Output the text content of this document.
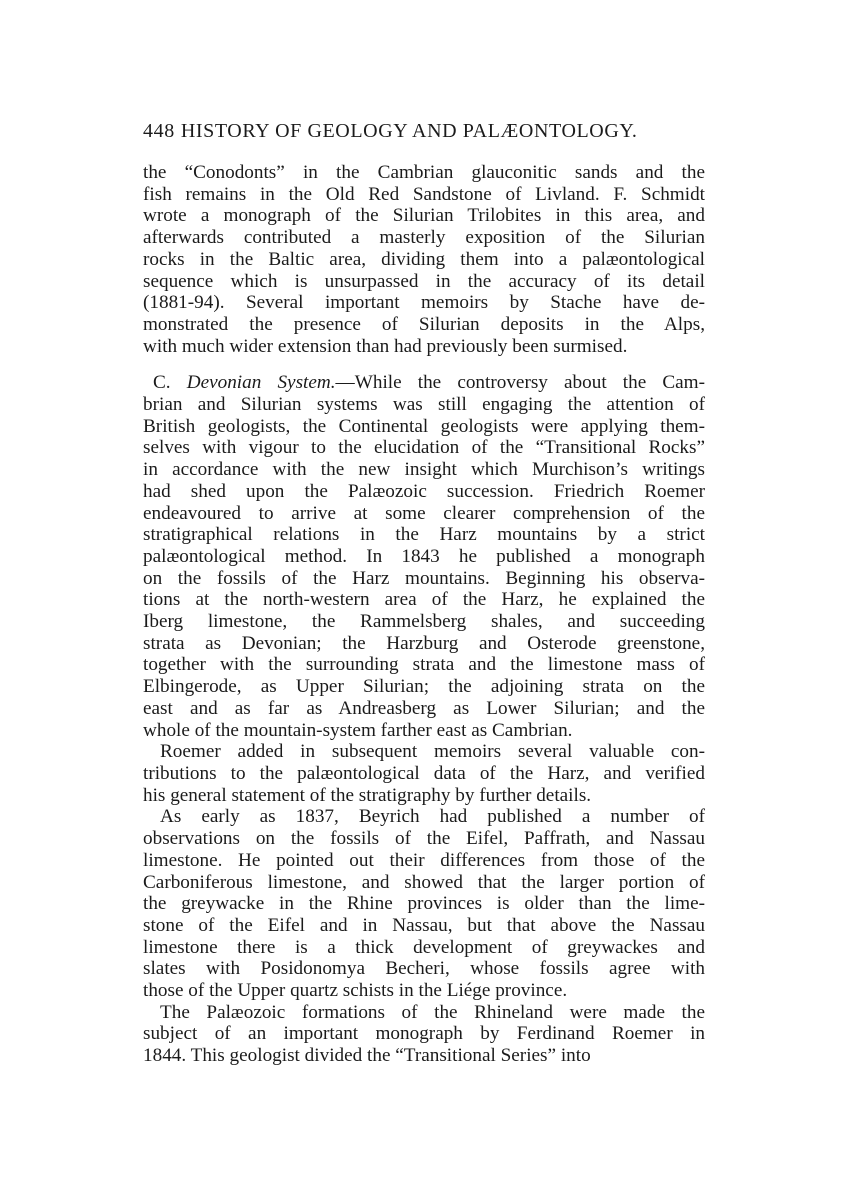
448 HISTORY OF GEOLOGY AND PALÆONTOLOGY.
the “Conodonts” in the Cambrian glauconitic sands and the
fish remains in the Old Red Sandstone of Livland. F. Schmidt
wrote a monograph of the Silurian Trilobites in this area, and
afterwards contributed a masterly exposition of the Silurian
rocks in the Baltic area, dividing them into a palæontological
sequence which is unsurpassed in the accuracy of its detail
(1881-94). Several important memoirs by Stache have de-
monstrated the presence of Silurian deposits in the Alps,
with much wider extension than had previously been surmised.
C. Devonian System.—While the controversy about the Cam-
brian and Silurian systems was still engaging the attention of
British geologists, the Continental geologists were applying them-
selves with vigour to the elucidation of the “Transitional Rocks”
in accordance with the new insight which Murchison’s writings
had shed upon the Palæozoic succession. Friedrich Roemer
endeavoured to arrive at some clearer comprehension of the
stratigraphical relations in the Harz mountains by a strict
palæontological method. In 1843 he published a monograph
on the fossils of the Harz mountains. Beginning his observa-
tions at the north-western area of the Harz, he explained the
Iberg limestone, the Rammelsberg shales, and succeeding
strata as Devonian; the Harzburg and Osterode greenstone,
together with the surrounding strata and the limestone mass of
Elbingerode, as Upper Silurian; the adjoining strata on the
east and as far as Andreasberg as Lower Silurian; and the
whole of the mountain-system farther east as Cambrian.
Roemer added in subsequent memoirs several valuable con-
tributions to the palæontological data of the Harz, and verified
his general statement of the stratigraphy by further details.
As early as 1837, Beyrich had published a number of
observations on the fossils of the Eifel, Paffrath, and Nassau
limestone. He pointed out their differences from those of the
Carboniferous limestone, and showed that the larger portion of
the greywacke in the Rhine provinces is older than the lime-
stone of the Eifel and in Nassau, but that above the Nassau
limestone there is a thick development of greywackes and
slates with Posidonomya Becheri, whose fossils agree with
those of the Upper quartz schists in the Liége province.
The Palæozoic formations of the Rhineland were made the
subject of an important monograph by Ferdinand Roemer in
1844. This geologist divided the “Transitional Series” into
